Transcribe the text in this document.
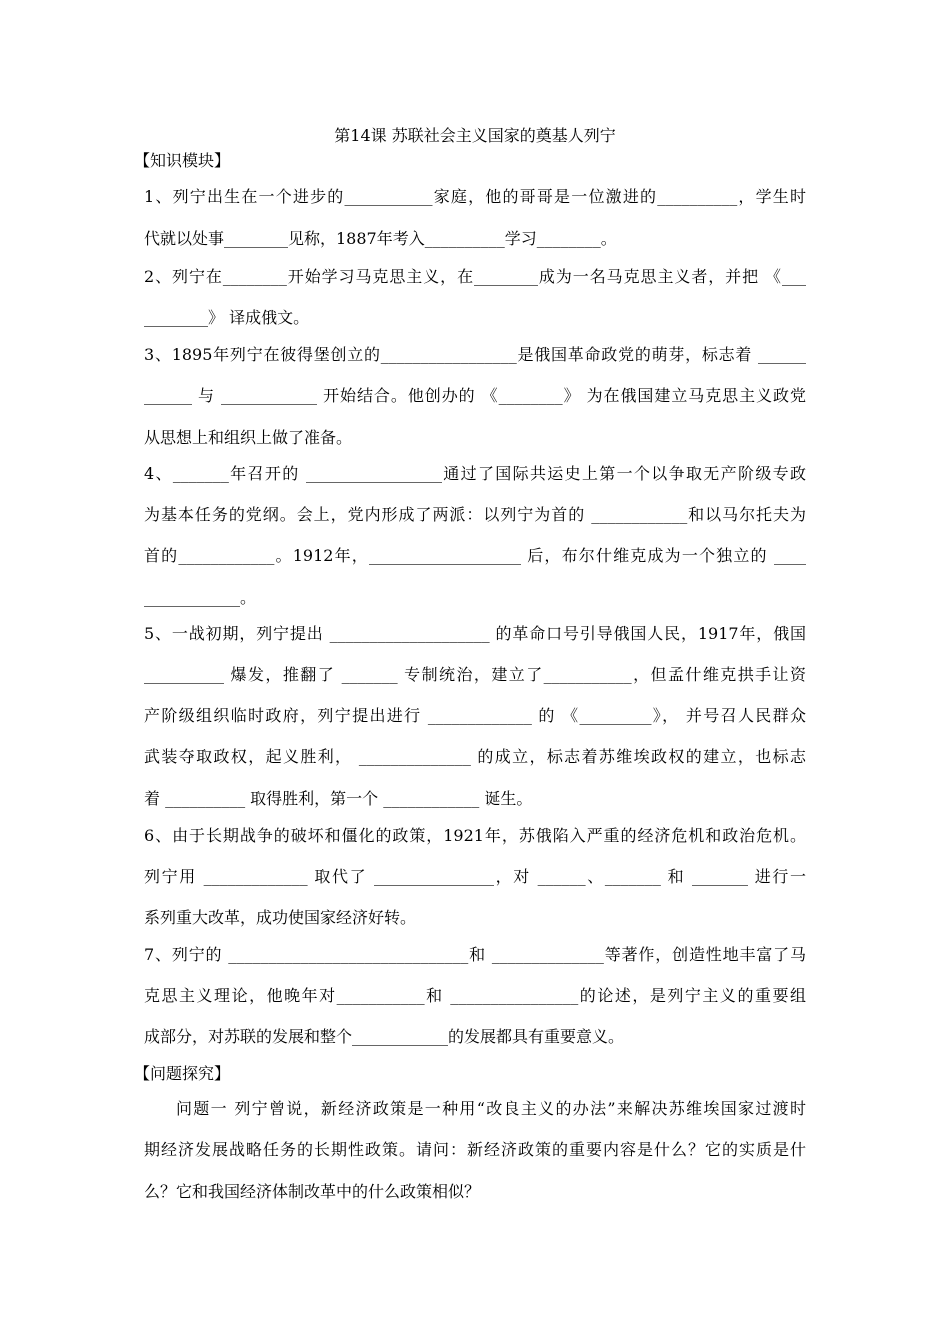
第14课 苏联社会主义国家的奠基人列宁
【知识模块】
1、列宁出生在一个进步的___________家庭，他的哥哥是一位激进的__________，学生时
代就以处事________见称，1887年考入__________学习________。
2、列宁在________开始学习马克思主义，在________成为一名马克思主义者，并把 《___
________》 译成俄文。
3、1895年列宁在彼得堡创立的_________________是俄国革命政党的萌芽，标志着 ______
______ 与 ____________ 开始结合。他创办的 《________》 为在俄国建立马克思主义政党
从思想上和组织上做了准备。
4、_______年召开的 _________________通过了国际共运史上第一个以争取无产阶级专政
为基本任务的党纲。会上，党内形成了两派：以列宁为首的 ____________和以马尔托夫为
首的____________。1912年，___________________ 后，布尔什维克成为一个独立的 ____
____________。
5、一战初期，列宁提出 ____________________ 的革命口号引导俄国人民，1917年，俄国
__________ 爆发，推翻了 _______ 专制统治，建立了___________，但孟什维克拱手让资
产阶级组织临时政府，列宁提出进行 _____________ 的 《_________》， 并号召人民群众
武装夺取政权，起义胜利， ______________ 的成立，标志着苏维埃政权的建立，也标志
着 __________ 取得胜利，第一个 ____________ 诞生。
6、由于长期战争的破坏和僵化的政策，1921年，苏俄陷入严重的经济危机和政治危机。
列宁用 _____________ 取代了 _______________，对 ______、_______ 和 _______ 进行一
系列重大改革，成功使国家经济好转。
7、列宁的 ______________________________和 ______________等著作，创造性地丰富了马
克思主义理论，他晚年对___________和 ________________的论述，是列宁主义的重要组
成部分，对苏联的发展和整个____________的发展都具有重要意义。
【问题探究】
问题一 列宁曾说，新经济政策是一种用“改良主义的办法”来解决苏维埃国家过渡时
期经济发展战略任务的长期性政策。请问：新经济政策的重要内容是什么？它的实质是什
么？它和我国经济体制改革中的什么政策相似？
